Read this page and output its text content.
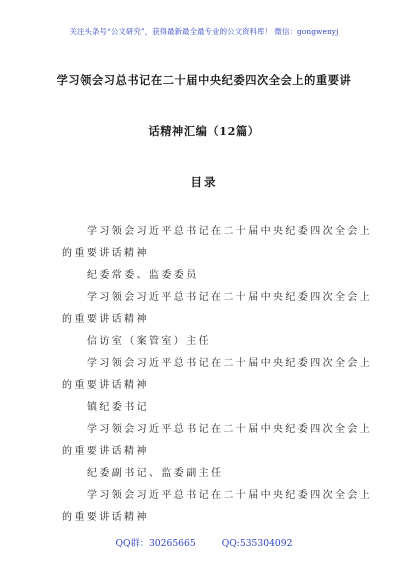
关注头条号“公文研究”，获得最新最全最专业的公文资料库！ 微信：gongwenyj
学习领会习总书记在二十届中央纪委四次全会上的重要讲
话精神汇编（12篇）
目录
学习领会习近平总书记在二十届中央纪委四次全会上
的重要讲话精神
纪委常委、监委委员
学习领会习近平总书记在二十届中央纪委四次全会上
的重要讲话精神
信访室（案管室）主任
学习领会习近平总书记在二十届中央纪委四次全会上
的重要讲话精神
镇纪委书记
学习领会习近平总书记在二十届中央纪委四次全会上
的重要讲话精神
纪委副书记、监委副主任
学习领会习近平总书记在二十届中央纪委四次全会上
的重要讲话精神
QQ群：30265665	QQ:535304092
